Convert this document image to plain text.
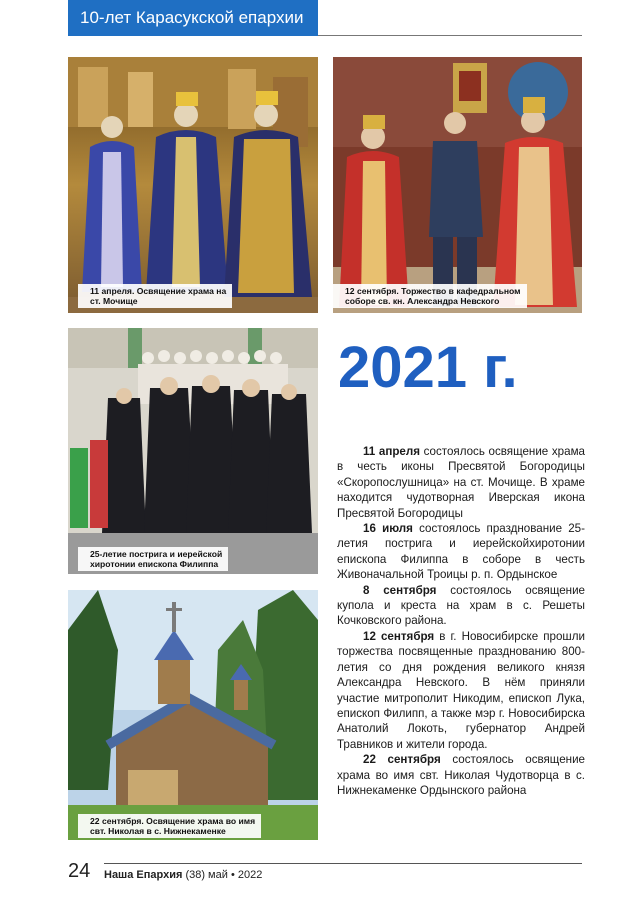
10-лет Карасукской епархии
11 апреля. Освящение храма на
ст. Мочище
12 сентября. Торжество в кафедральном
соборе св. кн. Александра Невского
25-летие пострига и иерейской
хиротонии епископа Филиппа
22 сентября. Освящение храма во имя
свт. Николая в с. Нижнекаменке
2021 г.

11 апреля состоялось освящение храма в честь иконы Пресвятой Богородицы «Скоропослушница» на ст. Мочище. В храме находится чудотворная Иверская икона Пресвятой Богородицы

16 июля состоялось празднование 25-летия пострига и иерейскойхиротонии епископа Филиппа в соборе в честь Живоначальной Троицы р. п. Ордынское

8 сентября состоялось освящение купола и креста на храм в с. Решеты Кочковского района.

12 сентября в г. Новосибирске прошли торжества посвященные празднованию 800-летия со дня рождения великого князя Александра Невского. В нём приняли участие митрополит Никодим, епископ Лука, епископ Филипп, а также мэр г. Новосибирска Анатолий Локоть, губернатор Андрей Травников и жители города.

22 сентября состоялось освящение храма во имя свт. Николая Чудотворца в с. Нижнекаменке Ордынского района

24 Наша Епархия (38) май • 2022
